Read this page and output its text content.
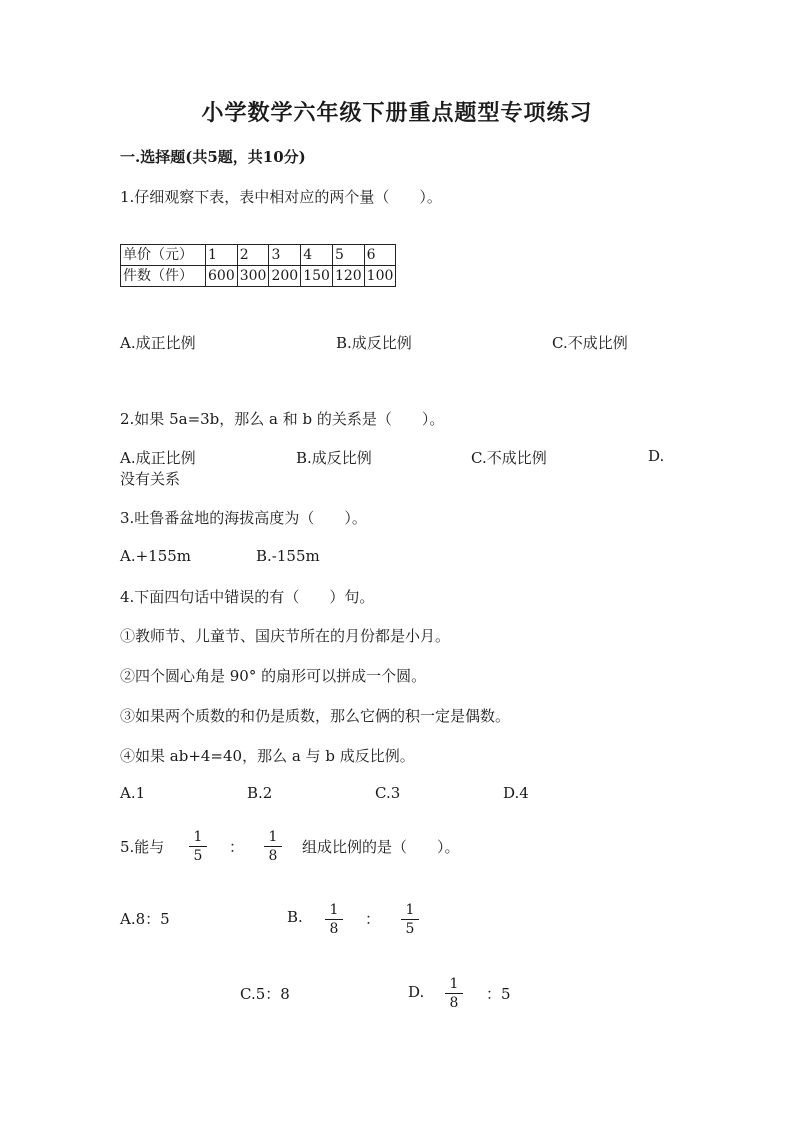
小学数学六年级下册重点题型专项练习
一.选择题(共5题，共10分)
1.仔细观察下表，表中相对应的两个量（　　）。
单价（元）	1	2	3	4	5	6
件数（件）	600	300	200	150	120	100
A.成正比例	B.成反比例	C.不成比例
2.如果 5a=3b，那么 a 和 b 的关系是（　　）。
A.成正比例	B.成反比例	C.不成比例	D.
没有关系
3.吐鲁番盆地的海拔高度为（　　）。
A.+155m	B.-155m
4.下面四句话中错误的有（　　）句。
①教师节、儿童节、国庆节所在的月份都是小月。
②四个圆心角是 90° 的扇形可以拼成一个圆。
③如果两个质数的和仍是质数，那么它俩的积一定是偶数。
④如果 ab+4=40，那么 a 与 b 成反比例。
A.1	B.2	C.3	D.4
5.能与
1
5	：
1
8	组成比例的是（　　）。
A.8：5	B.	1
8
：	1
5
C.5：8	D.	1
8	：5
